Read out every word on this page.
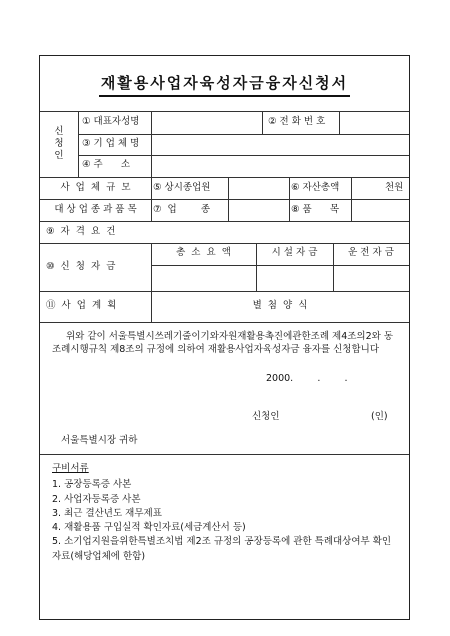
재활용사업자육성자금융자신청서
신
청
인
① 대표자성명	② 전 화 번 호
③ 기 업 체 명
④ 주      소
사  업  체  규  모	⑤ 상시종업원	⑥ 자산총액	천원
대 상 업 종 과 품 목	⑦  업        종	⑧ 품      목
⑨  자  격  요  건
⑩  신  청  자  금
총  소  요  액	시 설 자 금	운 전 자 금
⑪  사  업  계  획	별  첨  양  식
위와 같이 서울특별시쓰레기줄이기와자원재활용촉진에관한조례 제4조의2와 동조례시행규칙 제8조의 규정에 의하여 재활용사업자육성자금 융자를 신청합니다
2000.        .        .
신청인	(인)
서울특별시장 귀하
구비서류
1. 공장등록증 사본
2. 사업자등록증 사본
3. 최근 결산년도 재무제표
4. 재활용품 구입실적 확인자료(세금계산서 등)
5. 소기업지원을위한특별조치법 제2조 규정의 공장등록에 관한 특례대상여부 확인 자료(해당업체에 한함)
